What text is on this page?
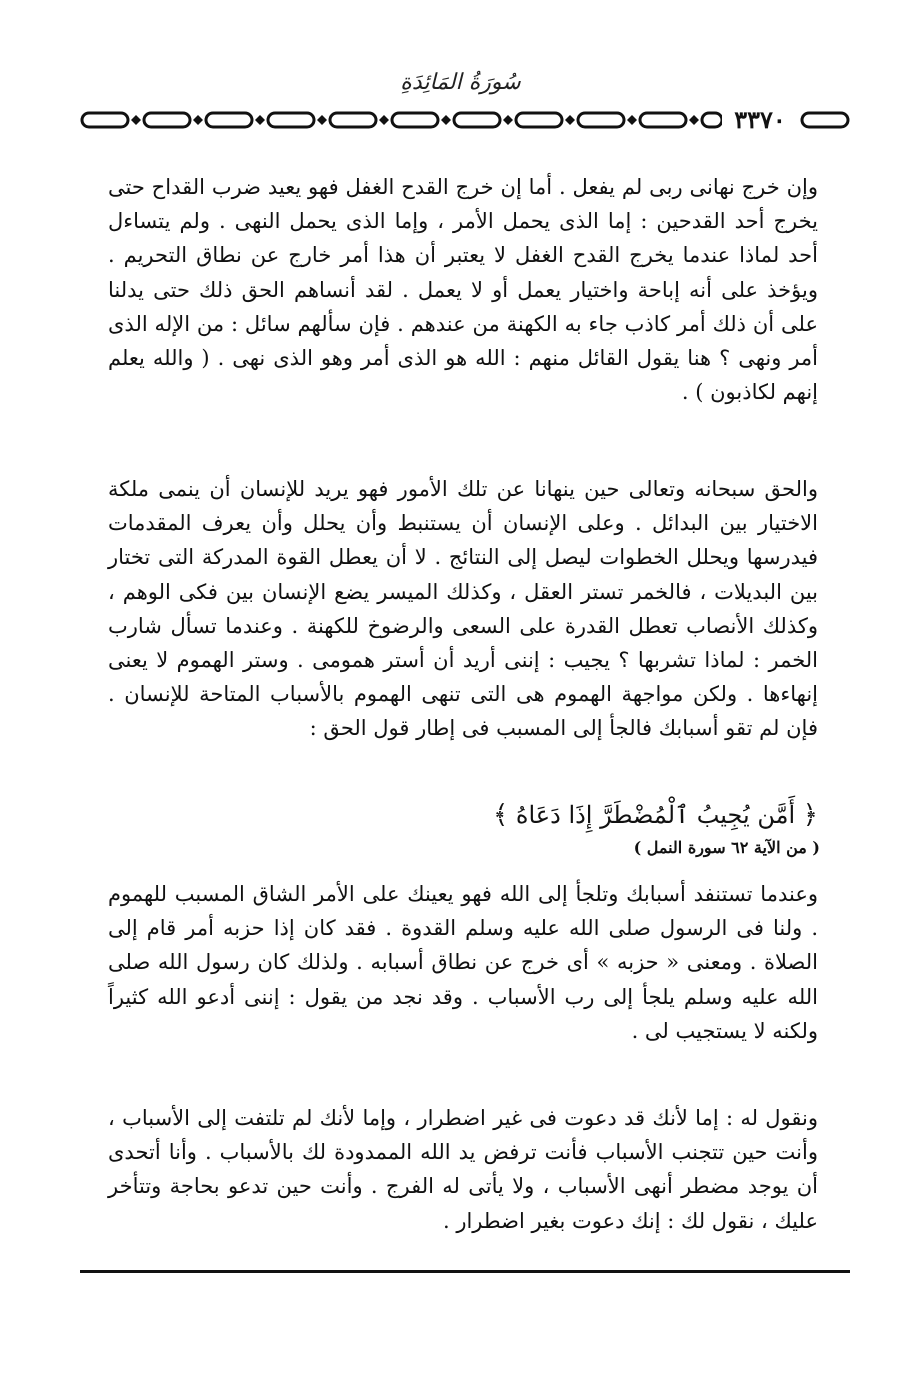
سُورَةُ المَائِدَةِ
٣٣٧٠

وإن خرج نهانى ربى لم يفعل . أما إن خرج القدح الغفل فهو يعيد ضرب القداح حتى يخرج أحد القدحين : إما الذى يحمل الأمر ، وإما الذى يحمل النهى . ولم يتساءل أحد لماذا عندما يخرج القدح الغفل لا يعتبر أن هذا أمر خارج عن نطاق التحريم . ويؤخذ على أنه إباحة واختيار يعمل أو لا يعمل . لقد أنساهم الحق ذلك حتى يدلنا على أن ذلك أمر كاذب جاء به الكهنة من عندهم . فإن سألهم سائل : من الإله الذى أمر ونهى ؟ هنا يقول القائل منهم : الله هو الذى أمر وهو الذى نهى . ( والله يعلم إنهم لكاذبون ) .

والحق سبحانه وتعالى حين ينهانا عن تلك الأمور فهو يريد للإنسان أن ينمى ملكة الاختيار بين البدائل . وعلى الإنسان أن يستنبط وأن يحلل وأن يعرف المقدمات فيدرسها ويحلل الخطوات ليصل إلى النتائج . لا أن يعطل القوة المدركة التى تختار بين البديلات ، فالخمر تستر العقل ، وكذلك الميسر يضع الإنسان بين فكى الوهم ، وكذلك الأنصاب تعطل القدرة على السعى والرضوخ للكهنة . وعندما تسأل شارب الخمر : لماذا تشربها ؟ يجيب : إننى أريد أن أستر همومى . وستر الهموم لا يعنى إنهاءها . ولكن مواجهة الهموم هى التى تنهى الهموم بالأسباب المتاحة للإنسان . فإن لم تقو أسبابك فالجأ إلى المسبب فى إطار قول الحق :

﴿ أَمَّن يُجِيبُ ٱلْمُضْطَرَّ إِذَا دَعَاهُ ﴾
( من الآية ٦٢ سورة النمل )

وعندما تستنفد أسبابك وتلجأ إلى الله فهو يعينك على الأمر الشاق المسبب للهموم . ولنا فى الرسول صلى الله عليه وسلم القدوة . فقد كان إذا حزبه أمر قام إلى الصلاة . ومعنى « حزبه » أى خرج عن نطاق أسبابه . ولذلك كان رسول الله صلى الله عليه وسلم يلجأ إلى رب الأسباب . وقد نجد من يقول : إننى أدعو الله كثيراً ولكنه لا يستجيب لى .

ونقول له : إما لأنك قد دعوت فى غير اضطرار ، وإما لأنك لم تلتفت إلى الأسباب ، وأنت حين تتجنب الأسباب فأنت ترفض يد الله الممدودة لك بالأسباب . وأنا أتحدى أن يوجد مضطر أنهى الأسباب ، ولا يأتى له الفرج . وأنت حين تدعو بحاجة وتتأخر عليك ، نقول لك : إنك دعوت بغير اضطرار .
